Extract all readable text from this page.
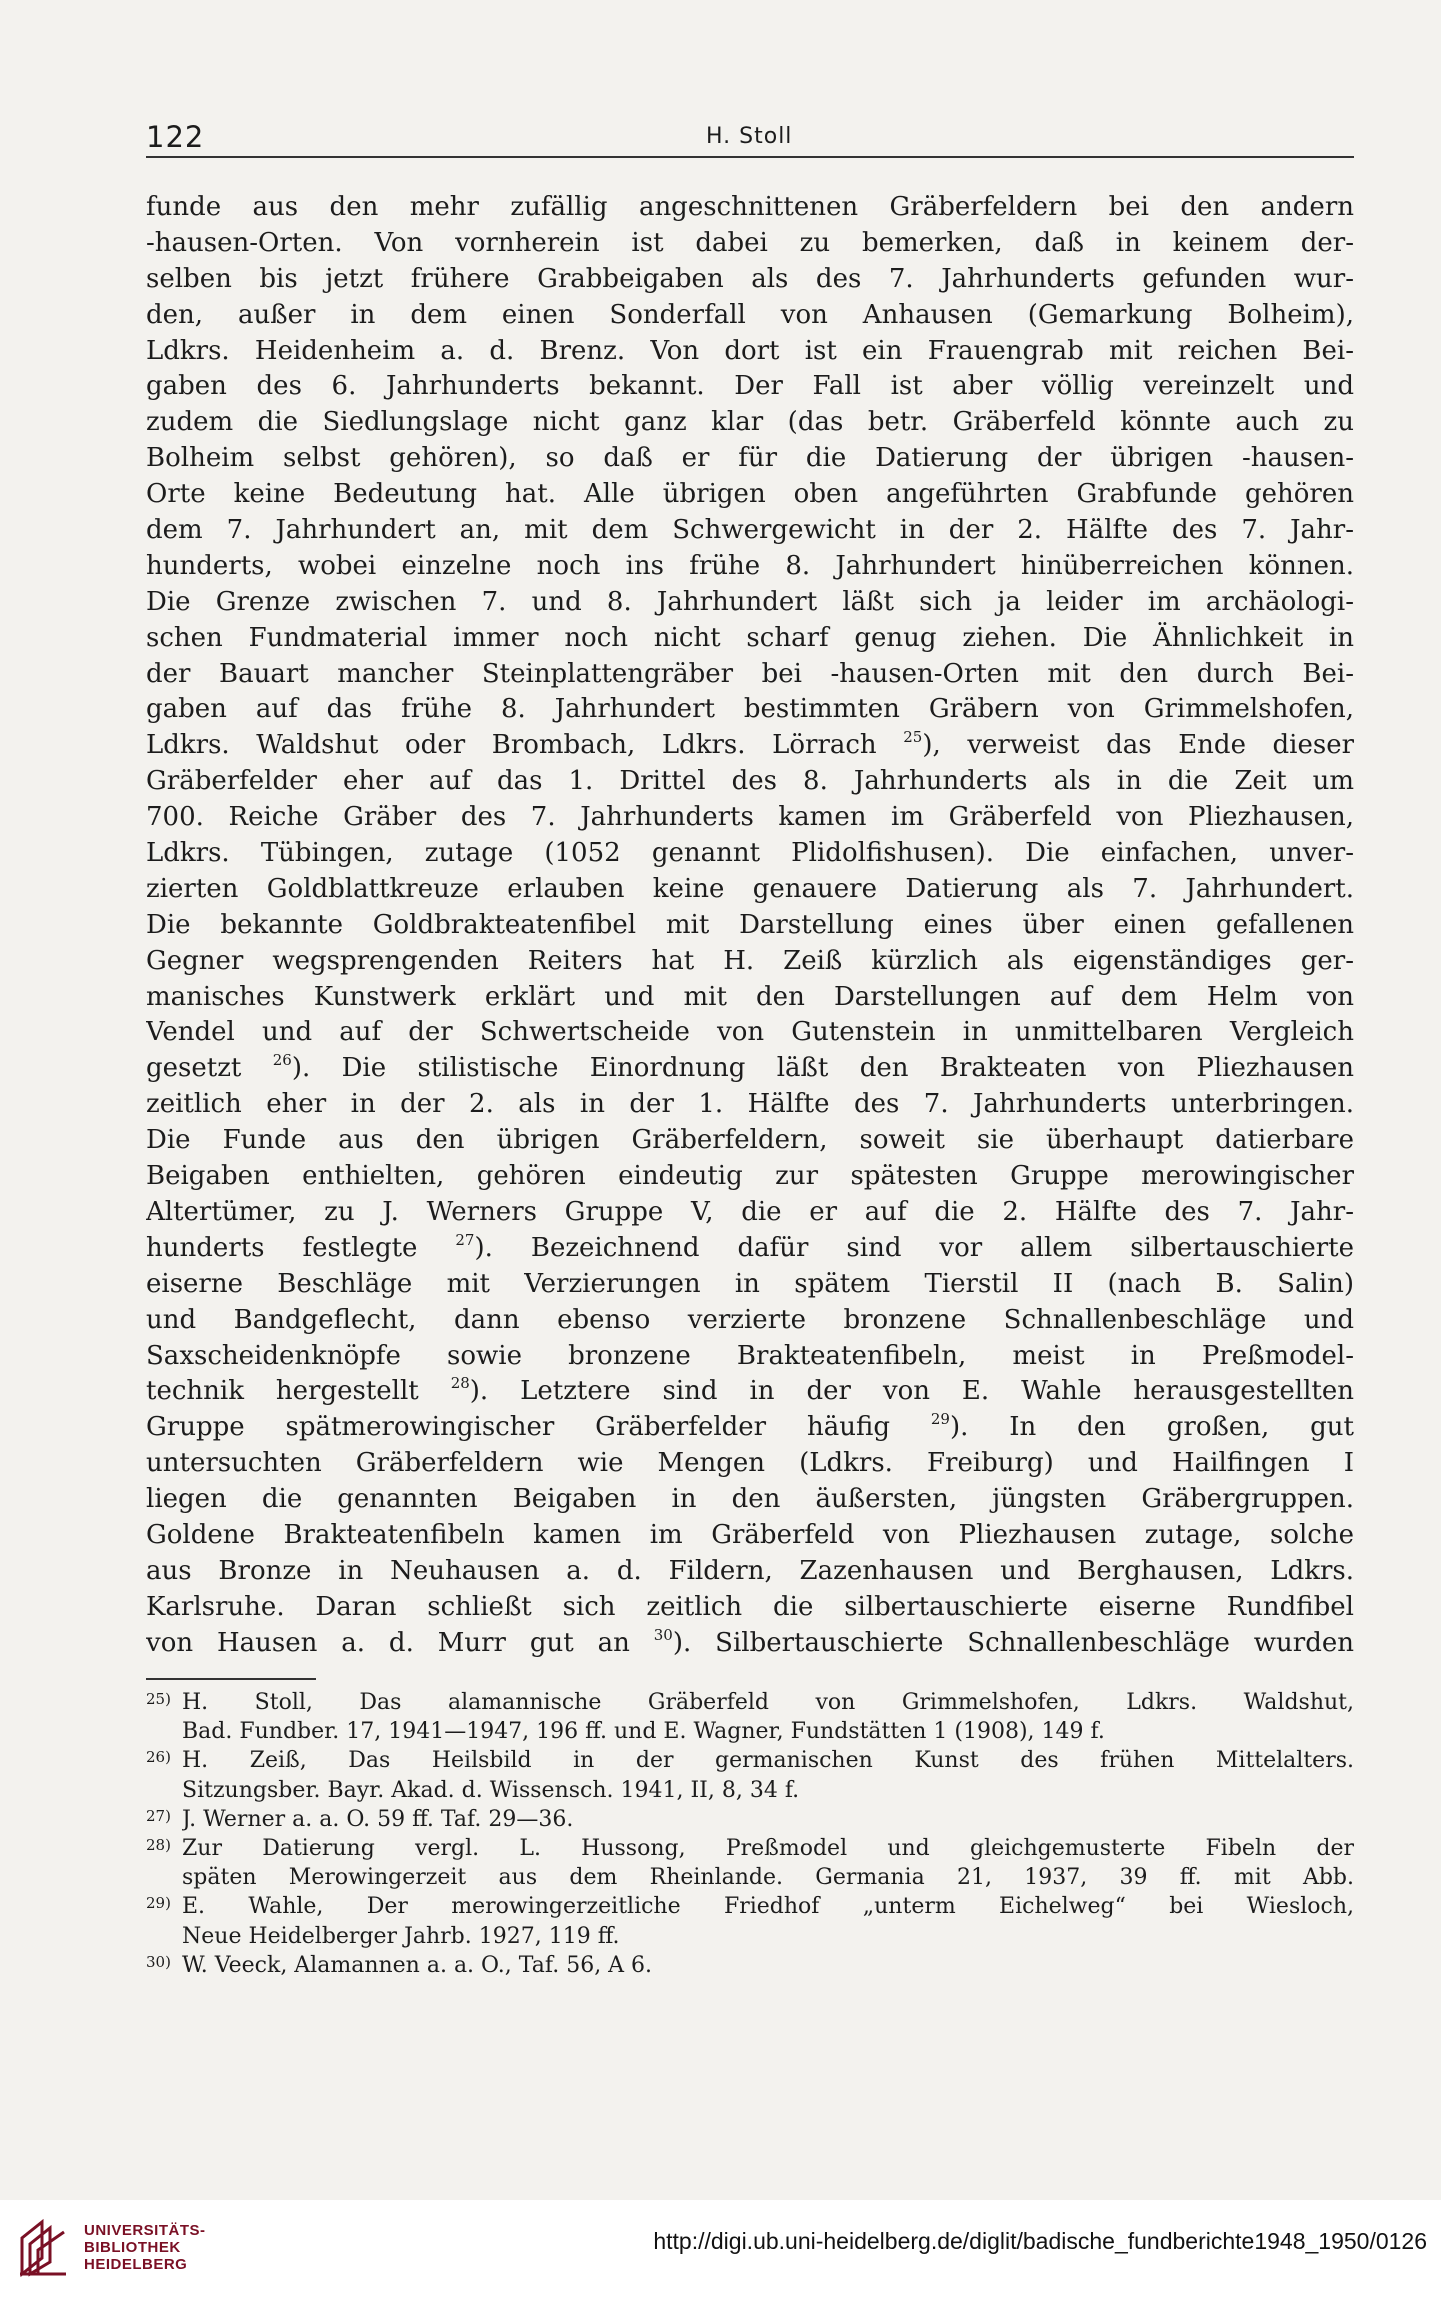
122	H. Stoll
funde aus den mehr zufällig angeschnittenen Gräberfeldern bei den andern
-hausen-Orten. Von vornherein ist dabei zu bemerken, daß in keinem der-
selben bis jetzt frühere Grabbeigaben als des 7. Jahrhunderts gefunden wur-
den, außer in dem einen Sonderfall von Anhausen (Gemarkung Bolheim),
Ldkrs. Heidenheim a. d. Brenz. Von dort ist ein Frauengrab mit reichen Bei-
gaben des 6. Jahrhunderts bekannt. Der Fall ist aber völlig vereinzelt und
zudem die Siedlungslage nicht ganz klar (das betr. Gräberfeld könnte auch zu
Bolheim selbst gehören), so daß er für die Datierung der übrigen -hausen-
Orte keine Bedeutung hat. Alle übrigen oben angeführten Grabfunde gehören
dem 7. Jahrhundert an, mit dem Schwergewicht in der 2. Hälfte des 7. Jahr-
hunderts, wobei einzelne noch ins frühe 8. Jahrhundert hinüberreichen können.
Die Grenze zwischen 7. und 8. Jahrhundert läßt sich ja leider im archäologi-
schen Fundmaterial immer noch nicht scharf genug ziehen. Die Ähnlichkeit in
der Bauart mancher Steinplattengräber bei -hausen-Orten mit den durch Bei-
gaben auf das frühe 8. Jahrhundert bestimmten Gräbern von Grimmelshofen,
Ldkrs. Waldshut oder Brombach, Ldkrs. Lörrach $^{25}$), verweist das Ende dieser
Gräberfelder eher auf das 1. Drittel des 8. Jahrhunderts als in die Zeit um
700. Reiche Gräber des 7. Jahrhunderts kamen im Gräberfeld von Pliezhausen,
Ldkrs. Tübingen, zutage (1052 genannt Plidolfishusen). Die einfachen, unver-
zierten Goldblattkreuze erlauben keine genauere Datierung als 7. Jahrhundert.
Die bekannte Goldbrakteatenfibel mit Darstellung eines über einen gefallenen
Gegner wegsprengenden Reiters hat H. Zeiß kürzlich als eigenständiges ger-
manisches Kunstwerk erklärt und mit den Darstellungen auf dem Helm von
Vendel und auf der Schwertscheide von Gutenstein in unmittelbaren Vergleich
gesetzt $^{26}$). Die stilistische Einordnung läßt den Brakteaten von Pliezhausen
zeitlich eher in der 2. als in der 1. Hälfte des 7. Jahrhunderts unterbringen.
Die Funde aus den übrigen Gräberfeldern, soweit sie überhaupt datierbare
Beigaben enthielten, gehören eindeutig zur spätesten Gruppe merowingischer
Altertümer, zu J. Werners Gruppe V, die er auf die 2. Hälfte des 7. Jahr-
hunderts festlegte	$^{27}$). Bezeichnend dafür sind vor allem silbertauschierte
eiserne Beschläge mit Verzierungen in spätem Tierstil II (nach B. Salin)
und Bandgeflecht, dann ebenso verzierte bronzene Schnallenbeschläge und
Saxscheidenknöpfe sowie bronzene Brakteatenfibeln, meist in Preßmodel-
technik hergestellt $^{28}$). Letztere sind in der von E. Wahle herausgestellten
Gruppe spätmerowingischer Gräberfelder häufig	$^{29}$). In den großen, gut
untersuchten Gräberfeldern wie Mengen (Ldkrs. Freiburg) und Hailfingen I
liegen die genannten Beigaben in den äußersten, jüngsten Gräbergruppen.
Goldene Brakteatenfibeln kamen im Gräberfeld von Pliezhausen zutage, solche
aus Bronze in Neuhausen a. d. Fildern, Zazenhausen und Berghausen, Ldkrs.
Karlsruhe. Daran schließt sich zeitlich die silbertauschierte eiserne Rundfibel
von Hausen a. d. Murr gut an $^{30}$). Silbertauschierte Schnallenbeschläge wurden
25) H. Stoll, Das alamannische Gräberfeld von Grimmelshofen, Ldkrs. Waldshut,
Bad. Fundber. 17, 1941—1947, 196 ff. und E. Wagner, Fundstätten 1 (1908), 149 f.
26) H. Zeiß, Das Heilsbild in der germanischen Kunst des frühen Mittelalters.
Sitzungsber. Bayr. Akad. d. Wissensch. 1941, II, 8, 34 f.
27) J. Werner a. a. O. 59 ff. Taf. 29—36.
28) Zur Datierung vergl. L. Hussong, Preßmodel und gleichgemusterte Fibeln der
späten Merowingerzeit aus dem Rheinlande. Germania 21, 1937, 39 ff. mit Abb.
29) E. Wahle, Der merowingerzeitliche Friedhof „unterm Eichelweg“ bei Wiesloch,
Neue Heidelberger Jahrb. 1927, 119 ff.
30) W. Veeck, Alamannen a. a. O., Taf. 56, A 6.
UNIVERSITÄTS-
BIBLIOTHEK
HEIDELBERG
http://digi.ub.uni-heidelberg.de/diglit/badische_fundberichte1948_1950/0126
